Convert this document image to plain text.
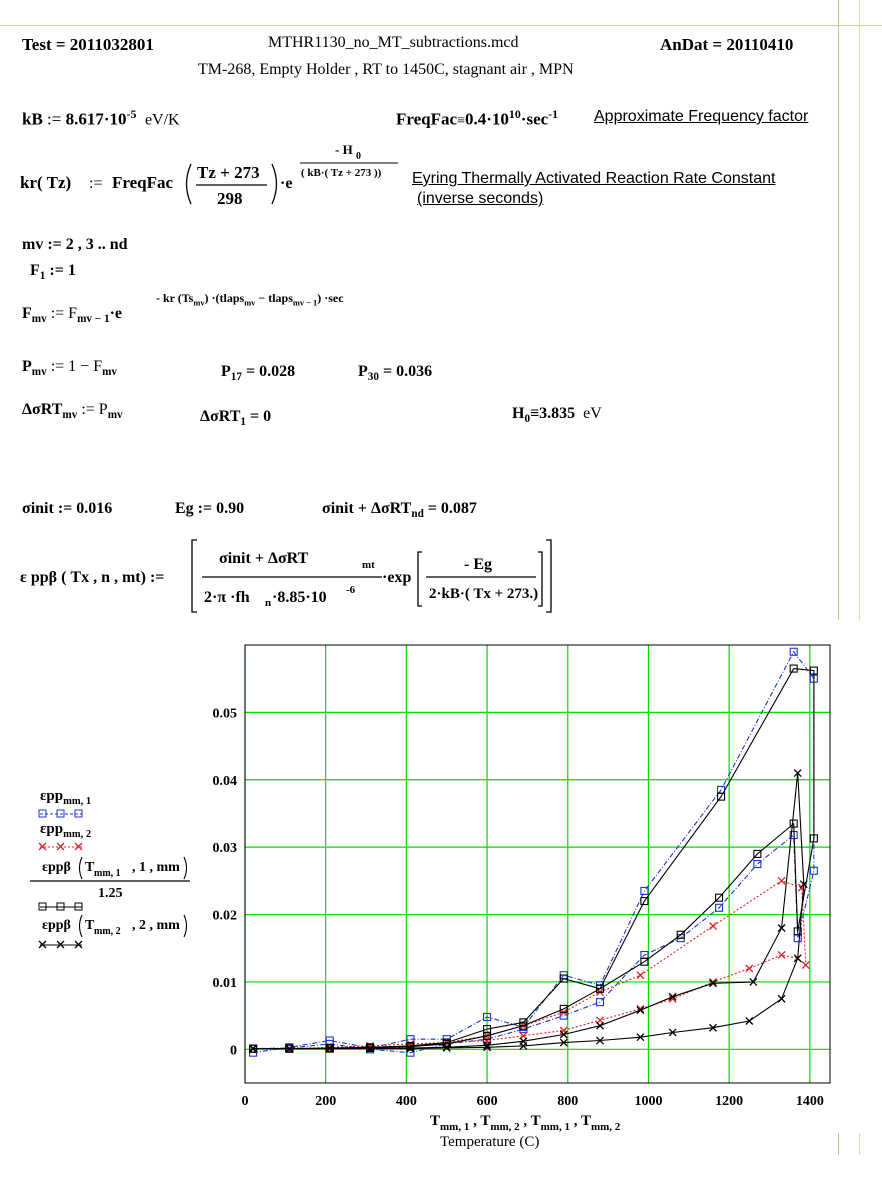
Test = 2011032801	MTHR1130_no_MT_subtractions.mcd	AnDat = 20110410
TM-268, Empty Holder , RT to 1450C, stagnant air , MPN
kB := $8.617\cdot 10^{-5}$ eV/K	$FreqFac\equiv 0.4\cdot 10^{10}\cdot\sec^{-1}$ Approximate Frequency factor
kr( Tz) := FreqFac
Tz + 273
298
·e
- H 0
( kB·( Tz + 273 )) Eyring Thermally Activated Reaction Rate Constant
(inverse seconds)
mv := 2 , 3 .. nd
$F_1$ := 1
$F_{mv}$ := $F_{mv - 1}\cdot e$
- kr $(Ts_{mv})$ ·(tlaps$_{mv}$ − tlaps$_{mv - 1}$) ·sec
$P_{mv}$ := $1 - F_{mv}$	$P_{17} = 0.028$	$P_{30} = 0.036$
ΔσRT$_{mv}$ := $P_{mv}$	ΔσRT$_1$ = 0	$H_0\equiv 3.835$ eV
σinit := 0.016	Eg := 0.90	σinit + ΔσRT$_{nd}$ = 0.087
ε ppβ ( Tx , n , mt) :=
σinit + ΔσRT	mt
2·π ·fh n ·8.85·10 -6
·exp
- Eg
2·kB·( Tx + 273.)
εpp$_{mm, 1}$
εpp$_{mm, 2}$
εppβ T mm, 1 , 1 , mm
1.25
εppβ T mm, 2 , 2 , mm
0	200	400	600	800	1000	1200	1400
0
0.01
0.02
0.03
0.04
0.05
$T_{mm, 1}$ , $T_{mm, 2}$ , $T_{mm, 1}$ , $T_{mm, 2}$
Temperature (C)
